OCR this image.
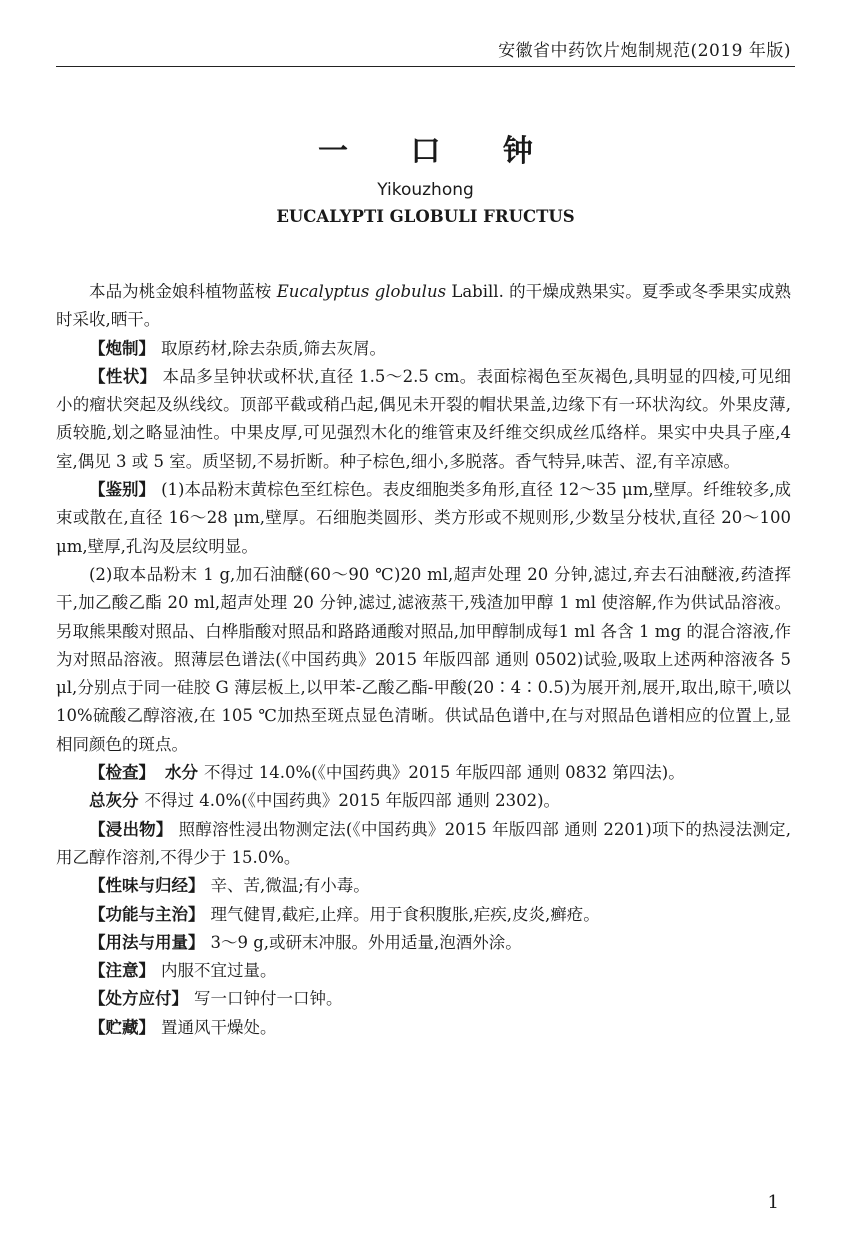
安徽省中药饮片炮制规范(2019 年版)
一 口 钟
Yikouzhong
EUCALYPTI GLOBULI FRUCTUS

本品为桃金娘科植物蓝桉 Eucalyptus globulus Labill. 的干燥成熟果实。夏季或冬季果实成熟时采收,晒干。

【炮制】 取原药材,除去杂质,筛去灰屑。

【性状】 本品多呈钟状或杯状,直径 1.5～2.5 cm。表面棕褐色至灰褐色,具明显的四棱,可见细小的瘤状突起及纵线纹。顶部平截或稍凸起,偶见未开裂的帽状果盖,边缘下有一环状沟纹。外果皮薄,质较脆,划之略显油性。中果皮厚,可见强烈木化的维管束及纤维交织成丝瓜络样。果实中央具子座,4 室,偶见 3 或 5 室。质坚韧,不易折断。种子棕色,细小,多脱落。香气特异,味苦、涩,有辛凉感。

【鉴别】 (1)本品粉末黄棕色至红棕色。表皮细胞类多角形,直径 12～35 μm,壁厚。纤维较多,成束或散在,直径 16～28 μm,壁厚。石细胞类圆形、类方形或不规则形,少数呈分枝状,直径 20～100 μm,壁厚,孔沟及层纹明显。

(2)取本品粉末 1 g,加石油醚(60～90 ℃)20 ml,超声处理 20 分钟,滤过,弃去石油醚液,药渣挥干,加乙酸乙酯 20 ml,超声处理 20 分钟,滤过,滤液蒸干,残渣加甲醇 1 ml 使溶解,作为供试品溶液。另取熊果酸对照品、白桦脂酸对照品和路路通酸对照品,加甲醇制成每1 ml 各含 1 mg 的混合溶液,作为对照品溶液。照薄层色谱法(《中国药典》2015 年版四部 通则 0502)试验,吸取上述两种溶液各 5 μl,分别点于同一硅胶 G 薄层板上,以甲苯-乙酸乙酯-甲酸(20∶4∶0.5)为展开剂,展开,取出,晾干,喷以 10%硫酸乙醇溶液,在 105 ℃加热至斑点显色清晰。供试品色谱中,在与对照品色谱相应的位置上,显相同颜色的斑点。

【检查】 水分 不得过 14.0%(《中国药典》2015 年版四部 通则 0832 第四法)。

总灰分 不得过 4.0%(《中国药典》2015 年版四部 通则 2302)。

【浸出物】 照醇溶性浸出物测定法(《中国药典》2015 年版四部 通则 2201)项下的热浸法测定,用乙醇作溶剂,不得少于 15.0%。

【性味与归经】 辛、苦,微温;有小毒。

【功能与主治】 理气健胃,截疟,止痒。用于食积腹胀,疟疾,皮炎,癣疮。

【用法与用量】 3～9 g,或研末冲服。外用适量,泡酒外涂。

【注意】 内服不宜过量。

【处方应付】 写一口钟付一口钟。

【贮藏】 置通风干燥处。

1
